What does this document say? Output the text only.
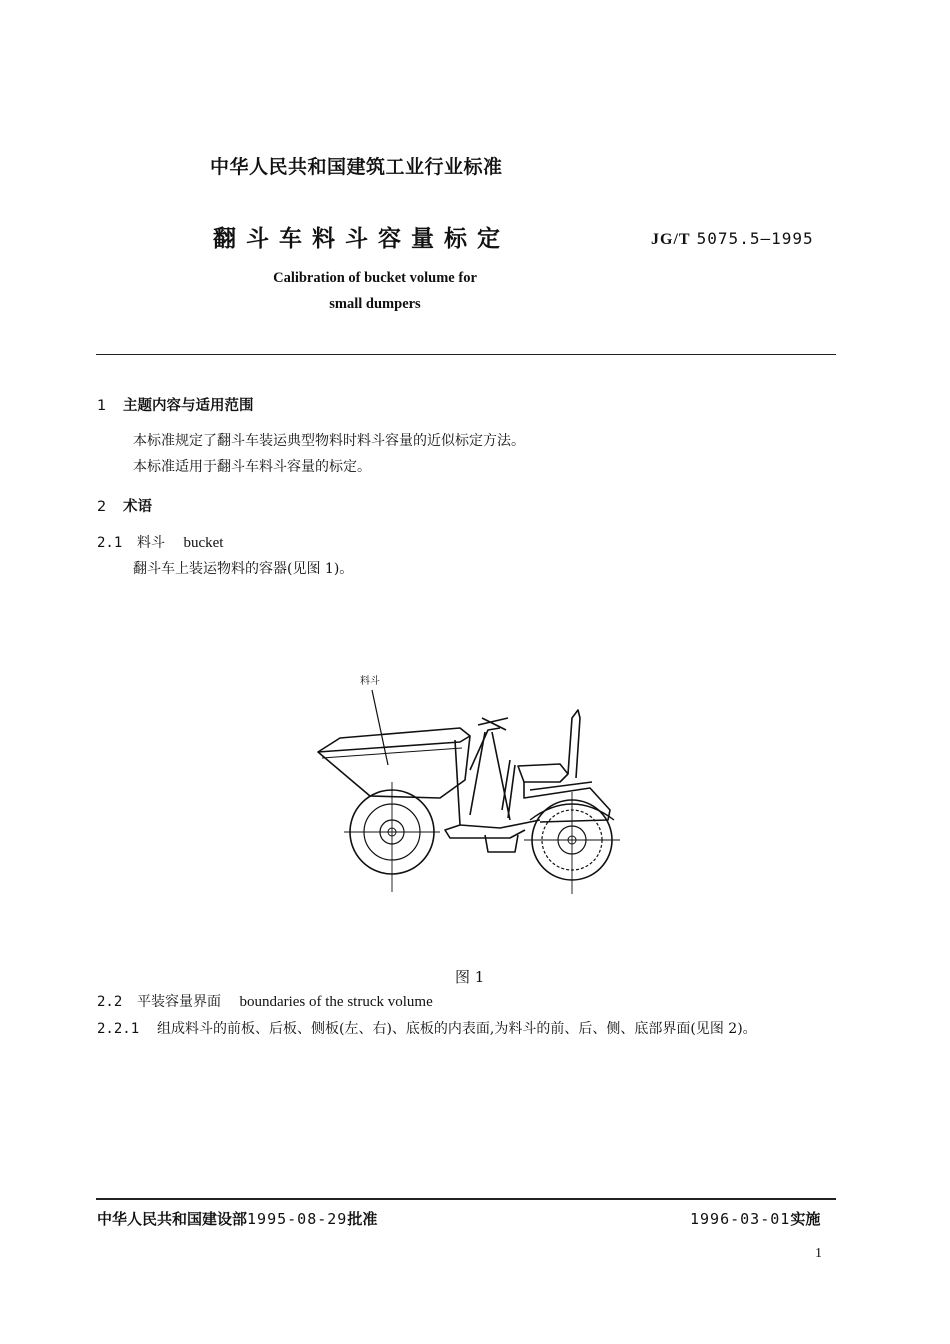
中华人民共和国建筑工业行业标准
翻斗车料斗容量标定	JG/T 5075.5—1995
Calibration of bucket volume for
small dumpers
1 主题内容与适用范围
本标准规定了翻斗车装运典型物料时料斗容量的近似标定方法。
本标准适用于翻斗车料斗容量的标定。
2 术语
2.1 料斗 bucket
翻斗车上装运物料的容器(见图 1)。
料斗
图 1
2.2 平装容量界面 boundaries of the struck volume
2.2.1 组成料斗的前板、后板、侧板(左、右)、底板的内表面,为料斗的前、后、侧、底部界面(见图 2)。
中华人民共和国建设部1995-08-29批准	1996-03-01实施
1
